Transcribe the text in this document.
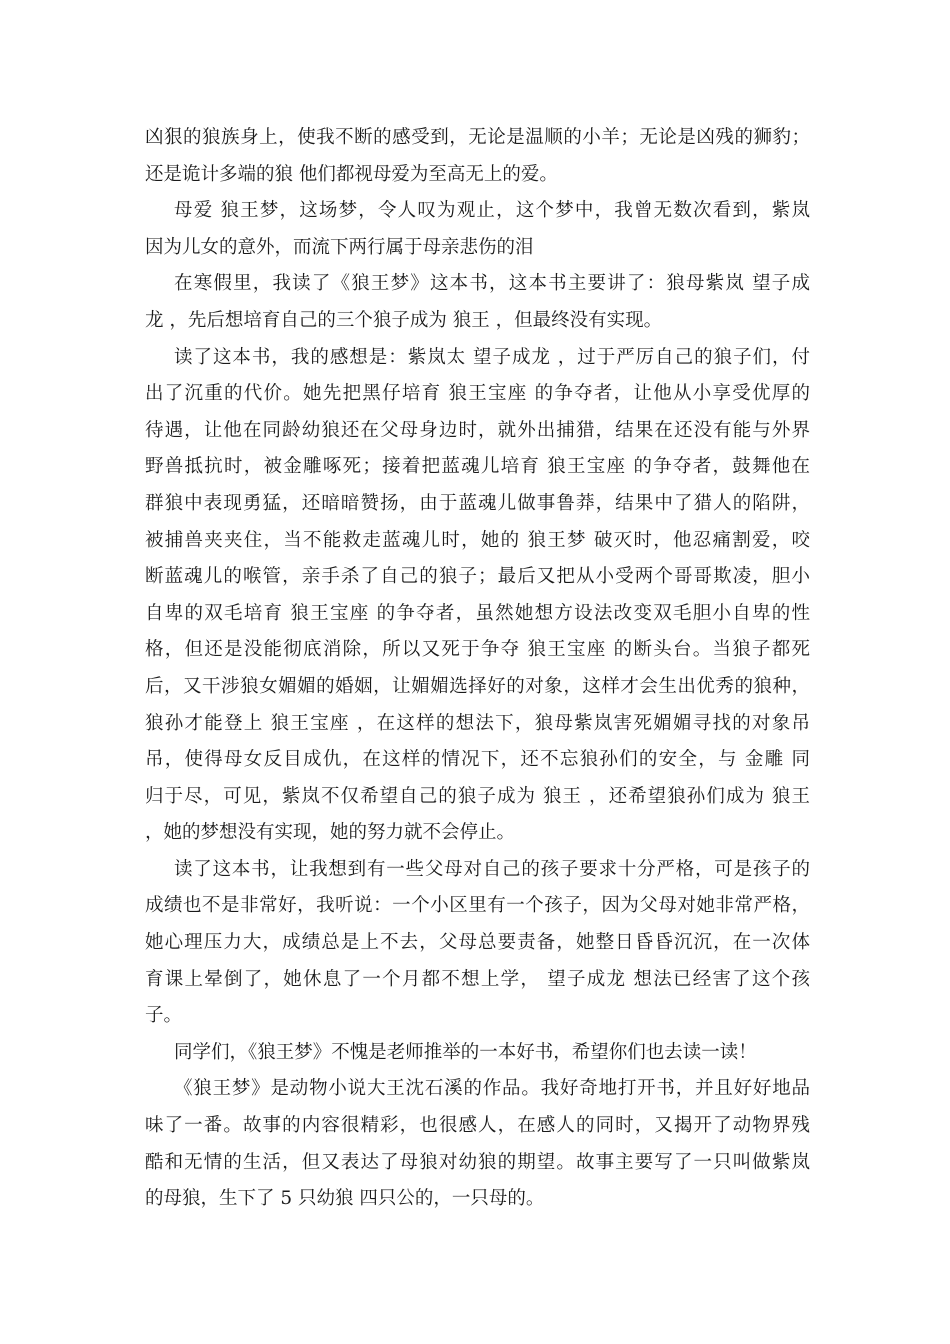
凶狠的狼族身上，使我不断的感受到，无论是温顺的小羊；无论是凶残的狮豹；
还是诡计多端的狼 他们都视母爱为至高无上的爱。
母爱 狼王梦，这场梦，令人叹为观止，这个梦中，我曾无数次看到，紫岚
因为儿女的意外，而流下两行属于母亲悲伤的泪
在寒假里，我读了《狼王梦》这本书，这本书主要讲了：狼母紫岚 望子成
龙 ，先后想培育自己的三个狼子成为 狼王 ，但最终没有实现。
读了这本书，我的感想是：紫岚太 望子成龙 ，过于严厉自己的狼子们，付
出了沉重的代价。她先把黑仔培育 狼王宝座 的争夺者，让他从小享受优厚的
待遇，让他在同龄幼狼还在父母身边时，就外出捕猎，结果在还没有能与外界
野兽抵抗时，被金雕啄死；接着把蓝魂儿培育 狼王宝座 的争夺者，鼓舞他在
群狼中表现勇猛，还暗暗赞扬，由于蓝魂儿做事鲁莽，结果中了猎人的陷阱，
被捕兽夹夹住，当不能救走蓝魂儿时，她的 狼王梦 破灭时，他忍痛割爱，咬
断蓝魂儿的喉管，亲手杀了自己的狼子；最后又把从小受两个哥哥欺凌，胆小
自卑的双毛培育 狼王宝座 的争夺者，虽然她想方设法改变双毛胆小自卑的性
格，但还是没能彻底消除，所以又死于争夺 狼王宝座 的断头台。当狼子都死
后，又干涉狼女媚媚的婚姻，让媚媚选择好的对象，这样才会生出优秀的狼种，
狼孙才能登上 狼王宝座 ，在这样的想法下，狼母紫岚害死媚媚寻找的对象吊
吊，使得母女反目成仇，在这样的情况下，还不忘狼孙们的安全，与 金雕 同
归于尽，可见，紫岚不仅希望自己的狼子成为 狼王 ，还希望狼孙们成为 狼王
，她的梦想没有实现，她的努力就不会停止。
读了这本书，让我想到有一些父母对自己的孩子要求十分严格，可是孩子的
成绩也不是非常好，我听说：一个小区里有一个孩子，因为父母对她非常严格，
她心理压力大，成绩总是上不去，父母总要责备，她整日昏昏沉沉，在一次体
育课上晕倒了，她休息了一个月都不想上学， 望子成龙 想法已经害了这个孩
子。
同学们，《狼王梦》不愧是老师推举的一本好书，希望你们也去读一读！
《狼王梦》是动物小说大王沈石溪的作品。我好奇地打开书，并且好好地品
味了一番。故事的内容很精彩，也很感人，在感人的同时，又揭开了动物界残
酷和无情的生活，但又表达了母狼对幼狼的期望。故事主要写了一只叫做紫岚
的母狼，生下了 5 只幼狼 四只公的，一只母的。
